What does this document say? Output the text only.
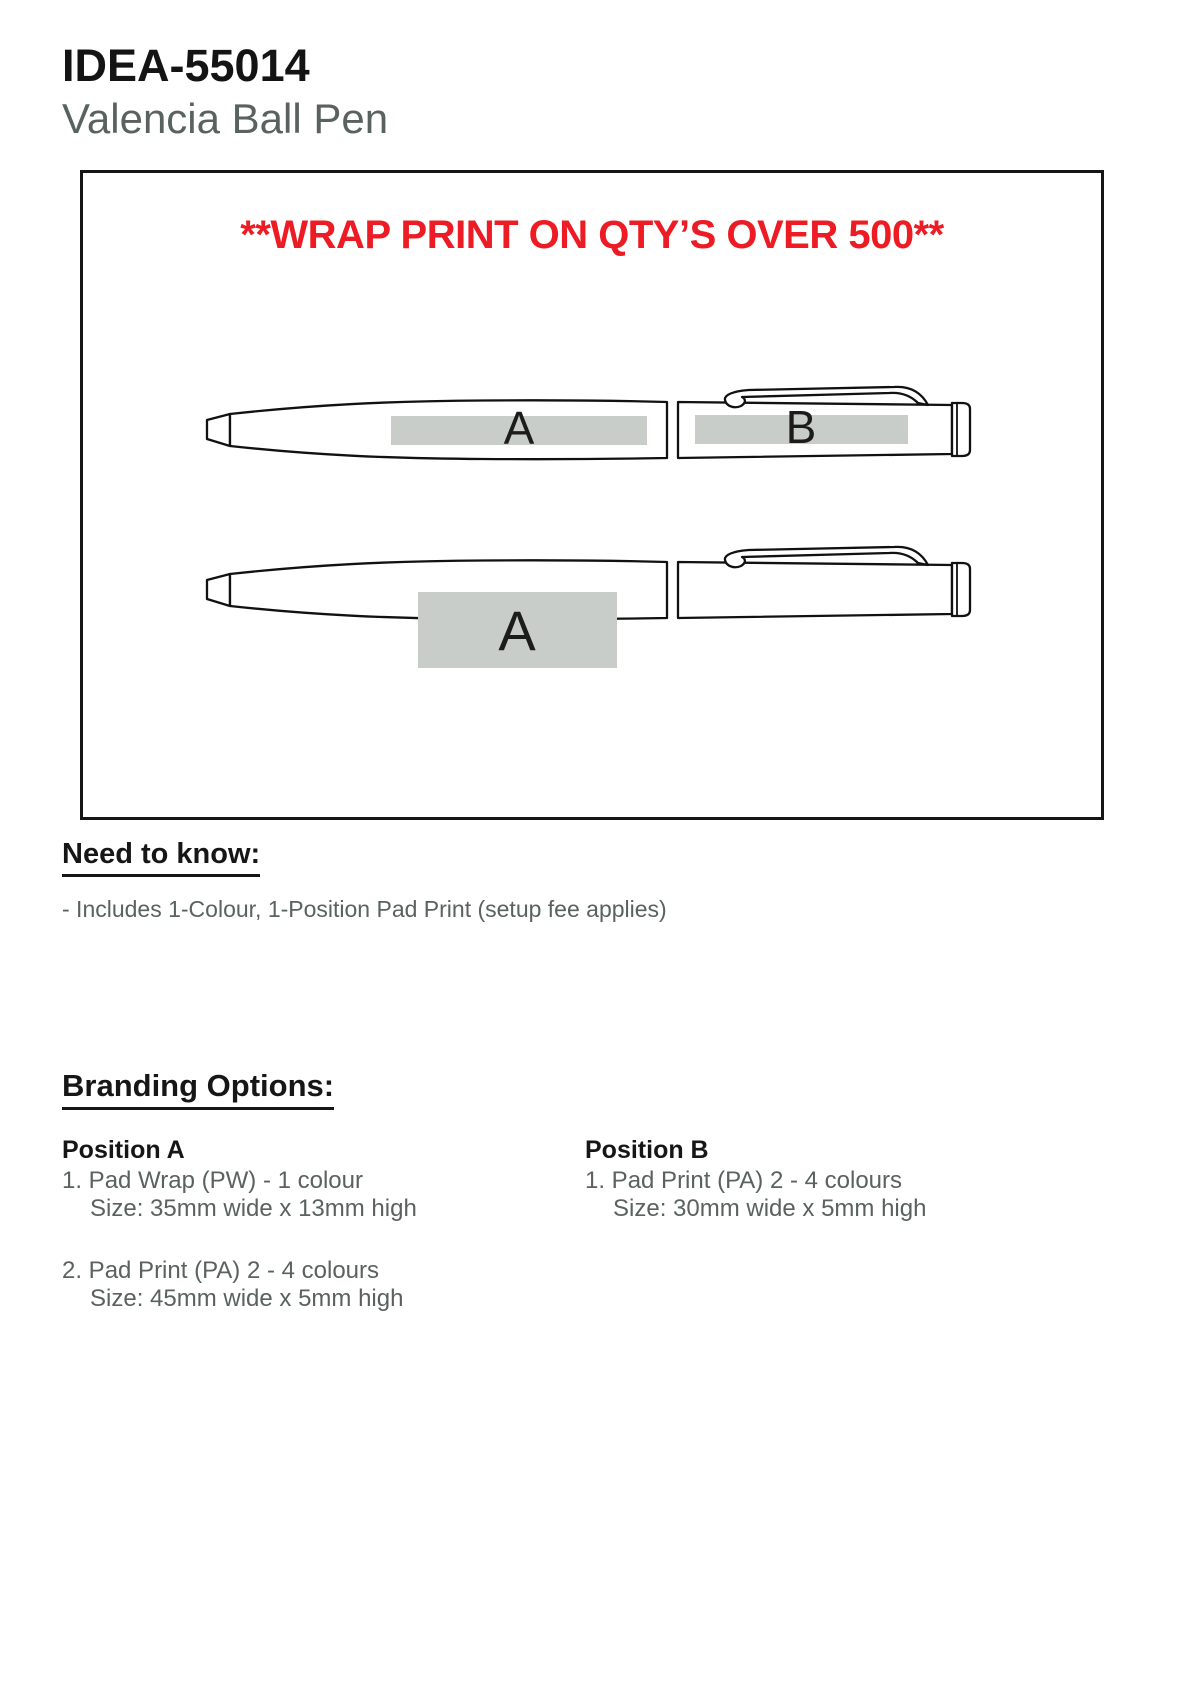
IDEA-55014
Valencia Ball Pen
**WRAP PRINT ON QTY’S OVER 500**
A	B
A
Need to know:

- Includes 1-Colour, 1-Position Pad Print (setup fee applies)

Branding Options:
Position A
1. Pad Wrap (PW) - 1 colour
Size: 35mm wide x 13mm high
2. Pad Print (PA) 2 - 4 colours
Size: 45mm wide x 5mm high
Position B
1. Pad Print (PA) 2 - 4 colours
Size: 30mm wide x 5mm high
